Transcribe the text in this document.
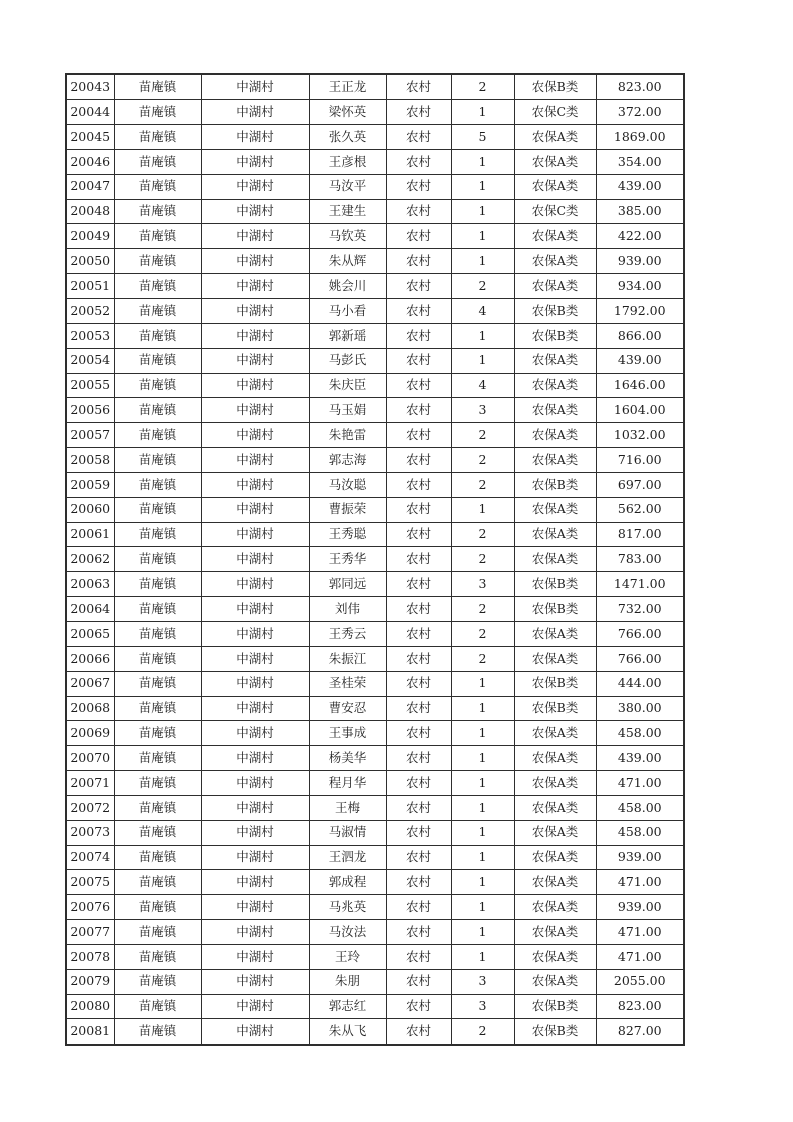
20043	苗庵镇	中湖村	王正龙	农村	2	农保B类	823.00
20044	苗庵镇	中湖村	梁怀英	农村	1	农保C类	372.00
20045	苗庵镇	中湖村	张久英	农村	5	农保A类	1869.00
20046	苗庵镇	中湖村	王彦根	农村	1	农保A类	354.00
20047	苗庵镇	中湖村	马汝平	农村	1	农保A类	439.00
20048	苗庵镇	中湖村	王建生	农村	1	农保C类	385.00
20049	苗庵镇	中湖村	马钦英	农村	1	农保A类	422.00
20050	苗庵镇	中湖村	朱从辉	农村	1	农保A类	939.00
20051	苗庵镇	中湖村	姚会川	农村	2	农保A类	934.00
20052	苗庵镇	中湖村	马小看	农村	4	农保B类	1792.00
20053	苗庵镇	中湖村	郭新瑶	农村	1	农保B类	866.00
20054	苗庵镇	中湖村	马彭氏	农村	1	农保A类	439.00
20055	苗庵镇	中湖村	朱庆臣	农村	4	农保A类	1646.00
20056	苗庵镇	中湖村	马玉娟	农村	3	农保A类	1604.00
20057	苗庵镇	中湖村	朱艳雷	农村	2	农保A类	1032.00
20058	苗庵镇	中湖村	郭志海	农村	2	农保A类	716.00
20059	苗庵镇	中湖村	马汝聪	农村	2	农保B类	697.00
20060	苗庵镇	中湖村	曹振荣	农村	1	农保A类	562.00
20061	苗庵镇	中湖村	王秀聪	农村	2	农保A类	817.00
20062	苗庵镇	中湖村	王秀华	农村	2	农保A类	783.00
20063	苗庵镇	中湖村	郭同远	农村	3	农保B类	1471.00
20064	苗庵镇	中湖村	刘伟	农村	2	农保B类	732.00
20065	苗庵镇	中湖村	王秀云	农村	2	农保A类	766.00
20066	苗庵镇	中湖村	朱振江	农村	2	农保A类	766.00
20067	苗庵镇	中湖村	圣桂荣	农村	1	农保B类	444.00
20068	苗庵镇	中湖村	曹安忍	农村	1	农保B类	380.00
20069	苗庵镇	中湖村	王事成	农村	1	农保A类	458.00
20070	苗庵镇	中湖村	杨美华	农村	1	农保A类	439.00
20071	苗庵镇	中湖村	程月华	农村	1	农保A类	471.00
20072	苗庵镇	中湖村	王梅	农村	1	农保A类	458.00
20073	苗庵镇	中湖村	马淑情	农村	1	农保A类	458.00
20074	苗庵镇	中湖村	王泗龙	农村	1	农保A类	939.00
20075	苗庵镇	中湖村	郭成程	农村	1	农保A类	471.00
20076	苗庵镇	中湖村	马兆英	农村	1	农保A类	939.00
20077	苗庵镇	中湖村	马汝法	农村	1	农保A类	471.00
20078	苗庵镇	中湖村	王玲	农村	1	农保A类	471.00
20079	苗庵镇	中湖村	朱朋	农村	3	农保A类	2055.00
20080	苗庵镇	中湖村	郭志红	农村	3	农保B类	823.00
20081	苗庵镇	中湖村	朱从飞	农村	2	农保B类	827.00
